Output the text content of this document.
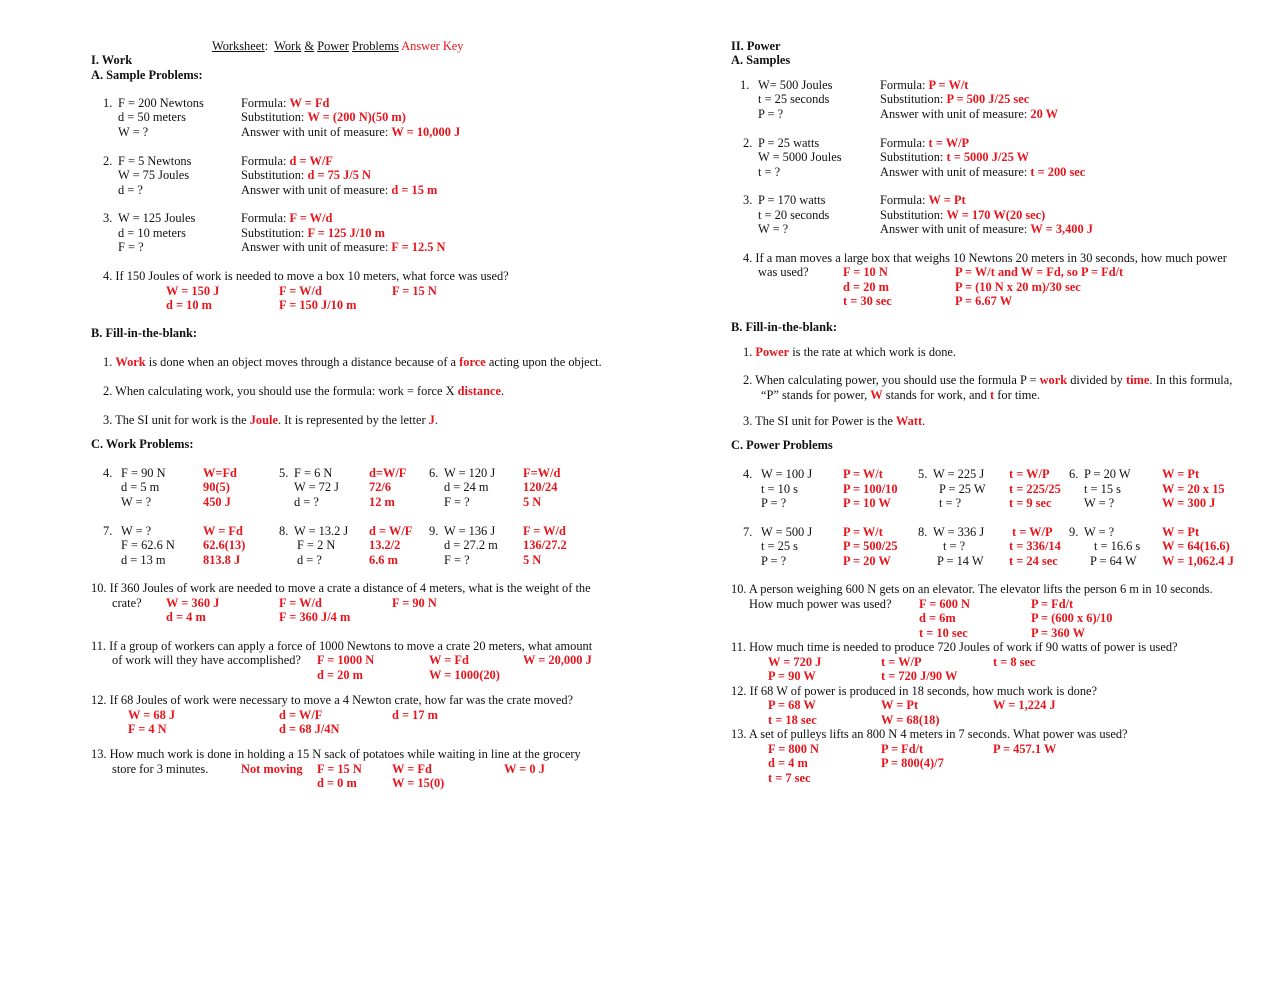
Worksheet: Work & Power Problems Answer Key
I. Work
A. Sample Problems:
1. F = 200 Newtons
d = 50 meters
W = ?
Formula: W = Fd
Substitution: W = (200 N)(50 m)
Answer with unit of measure: W = 10,000 J
2. F = 5 Newtons
W = 75 Joules
d = ?
Formula: d = W/F
Substitution: d = 75 J/5 N
Answer with unit of measure: d = 15 m
3. W = 125 Joules
d = 10 meters
F = ?
Formula: F = W/d
Substitution: F = 125 J/10 m
Answer with unit of measure: F = 12.5 N
4. If 150 Joules of work is needed to move a box 10 meters, what force was used?
W = 150 J
d = 10 m
F = W/d
F = 150 J/10 m
F = 15 N
B. Fill-in-the-blank:
1. Work is done when an object moves through a distance because of a force acting upon the object.
2. When calculating work, you should use the formula: work = force X distance.
3. The SI unit for work is the Joule. It is represented by the letter J.
C. Work Problems:
4. F = 90 N
d = 5 m
W = ?
W=Fd
90(5)
450 J
5. F = 6 N
W = 72 J
d = ?
d=W/F
72/6
12 m
6. W = 120 J
d = 24 m
F = ?
F=W/d
120/24
5 N
7. W = ?
F = 62.6 N
d = 13 m
W = Fd
62.6(13)
813.8 J
8. W = 13.2 J
F = 2 N
d = ?
d = W/F
13.2/2
6.6 m
9. W = 136 J
d = 27.2 m
F = ?
F = W/d
136/27.2
5 N
10. If 360 Joules of work are needed to move a crate a distance of 4 meters, what is the weight of the
crate? W = 360 J
d = 4 m
F = W/d
F = 360 J/4 m
F = 90 N
11. If a group of workers can apply a force of 1000 Newtons to move a crate 20 meters, what amount
of work will they have accomplished? F = 1000 N
d = 20 m
W = Fd
W = 1000(20)
W = 20,000 J
12. If 68 Joules of work were necessary to move a 4 Newton crate, how far was the crate moved?
W = 68 J
F = 4 N
d = W/F
d = 68 J/4N
d = 17 m
13. How much work is done in holding a 15 N sack of potatoes while waiting in line at the grocery
store for 3 minutes.	Not moving F = 15 N
d = 0 m
W = Fd
W = 15(0)
W = 0 J
II. Power
A. Samples
1. W= 500 Joules
t = 25 seconds
P = ?
Formula: P = W/t
Substitution: P = 500 J/25 sec
Answer with unit of measure: 20 W
2. P = 25 watts
W = 5000 Joules
t = ?
Formula: t = W/P
Substitution: t = 5000 J/25 W
Answer with unit of measure: t = 200 sec
3. P = 170 watts
t = 20 seconds
W = ?
Formula: W = Pt
Substitution: W = 170 W(20 sec)
Answer with unit of measure: W = 3,400 J
4. If a man moves a large box that weighs 10 Newtons 20 meters in 30 seconds, how much power
was used?	F = 10 N
d = 20 m
t = 30 sec
P = W/t and W = Fd, so P = Fd/t
P = (10 N x 20 m)/30 sec
P = 6.67 W
B. Fill-in-the-blank:
1. Power is the rate at which work is done.
2. When calculating power, you should use the formula P = work divided by time. In this formula,
“P” stands for power, W stands for work, and t for time.
3. The SI unit for Power is the Watt.
C. Power Problems
4. W = 100 J
t = 10 s
P = ?
P = W/t
P = 100/10
P = 10 W
5. W = 225 J
P = 25 W
t = ?
t = W/P
t = 225/25
t = 9 sec
6. P = 20 W
t = 15 s
W = ?
W = Pt
W = 20 x 15
W = 300 J
7. W = 500 J
t = 25 s
P = ?
P = W/t
P = 500/25
P = 20 W
8. W = 336 J
t = ?
P = 14 W
t = W/P
t = 336/14
t = 24 sec
9. W = ?
t = 16.6 s
P = 64 W
W = Pt
W = 64(16.6)
W = 1,062.4 J
10. A person weighing 600 N gets on an elevator. The elevator lifts the person 6 m in 10 seconds.
How much power was used? F = 600 N
d = 6m
t = 10 sec
P = Fd/t
P = (600 x 6)/10
P = 360 W
11. How much time is needed to produce 720 Joules of work if 90 watts of power is used?
W = 720 J
P = 90 W
t = W/P
t = 720 J/90 W
t = 8 sec
12. If 68 W of power is produced in 18 seconds, how much work is done?
P = 68 W
t = 18 sec
W = Pt
W = 68(18)
W = 1,224 J
13. A set of pulleys lifts an 800 N 4 meters in 7 seconds. What power was used?
F = 800 N
d = 4 m
t = 7 sec
P = Fd/t
P = 800(4)/7
P = 457.1 W
